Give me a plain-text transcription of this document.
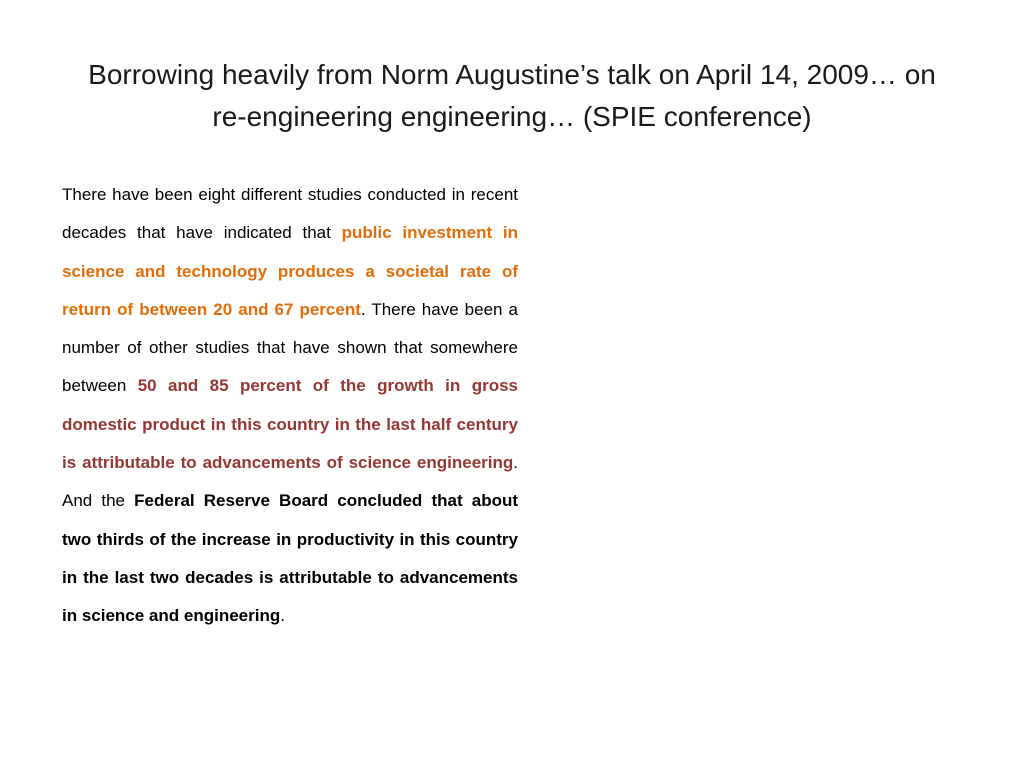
Borrowing heavily from Norm Augustine’s talk on April 14, 2009… on re-engineering engineering… (SPIE conference)
There have been eight different studies conducted in recent decades that have indicated that public investment in science and technology produces a societal rate of return of between 20 and 67 percent. There have been a number of other studies that have shown that somewhere between 50 and 85 percent of the growth in gross domestic product in this country in the last half century is attributable to advancements of science engineering. And the Federal Reserve Board concluded that about two thirds of the increase in productivity in this country in the last two decades is attributable to advancements in science and engineering.
